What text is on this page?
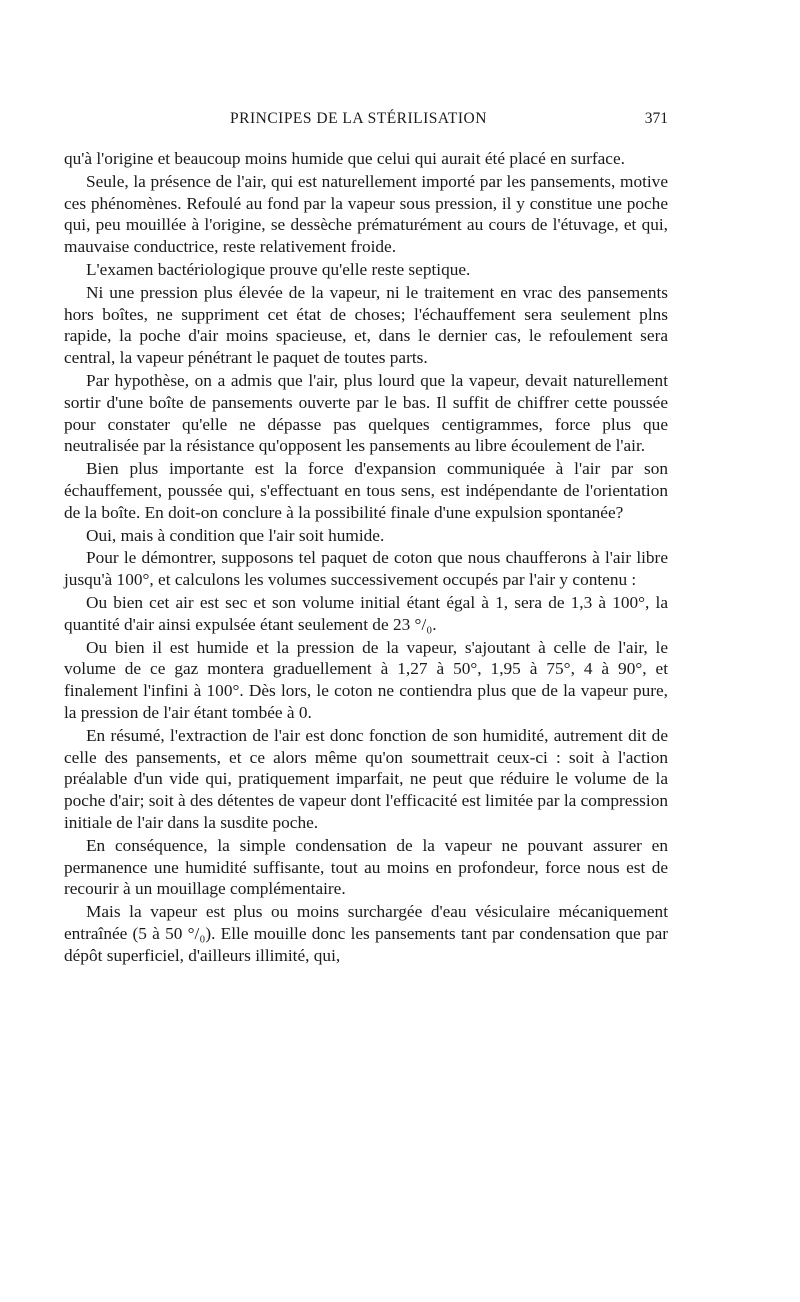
PRINCIPES DE LA STÉRILISATION	371

qu'à l'origine et beaucoup moins humide que celui qui aurait été placé en surface.

Seule, la présence de l'air, qui est naturellement importé par les pansements, motive ces phénomènes. Refoulé au fond par la vapeur sous pression, il y constitue une poche qui, peu mouillée à l'origine, se dessèche prématurément au cours de l'étuvage, et qui, mauvaise conductrice, reste relativement froide.

L'examen bactériologique prouve qu'elle reste septique.

Ni une pression plus élevée de la vapeur, ni le traitement en vrac des pansements hors boîtes, ne suppriment cet état de choses; l'échauffement sera seulement plns rapide, la poche d'air moins spacieuse, et, dans le dernier cas, le refoulement sera central, la vapeur pénétrant le paquet de toutes parts.

Par hypothèse, on a admis que l'air, plus lourd que la vapeur, devait naturellement sortir d'une boîte de pansements ouverte par le bas. Il suffit de chiffrer cette poussée pour constater qu'elle ne dépasse pas quelques centigrammes, force plus que neutralisée par la résistance qu'opposent les pansements au libre écoulement de l'air.

Bien plus importante est la force d'expansion communiquée à l'air par son échauffement, poussée qui, s'effectuant en tous sens, est indépendante de l'orientation de la boîte. En doit-on conclure à la possibilité finale d'une expulsion spontanée?

Oui, mais à condition que l'air soit humide.

Pour le démontrer, supposons tel paquet de coton que nous chaufferons à l'air libre jusqu'à 100°, et calculons les volumes successivement occupés par l'air y contenu :

Ou bien cet air est sec et son volume initial étant égal à 1, sera de 1,3 à 100°, la quantité d'air ainsi expulsée étant seulement de 23 °/₀.

Ou bien il est humide et la pression de la vapeur, s'ajoutant à celle de l'air, le volume de ce gaz montera graduellement à 1,27 à 50°, 1,95 à 75°, 4 à 90°, et finalement l'infini à 100°. Dès lors, le coton ne contiendra plus que de la vapeur pure, la pression de l'air étant tombée à 0.

En résumé, l'extraction de l'air est donc fonction de son humidité, autrement dit de celle des pansements, et ce alors même qu'on soumettrait ceux-ci : soit à l'action préalable d'un vide qui, pratiquement imparfait, ne peut que réduire le volume de la poche d'air; soit à des détentes de vapeur dont l'efficacité est limitée par la compression initiale de l'air dans la susdite poche.

En conséquence, la simple condensation de la vapeur ne pouvant assurer en permanence une humidité suffisante, tout au moins en profondeur, force nous est de recourir à un mouillage complémentaire.

Mais la vapeur est plus ou moins surchargée d'eau vésiculaire mécaniquement entraînée (5 à 50 °/₀). Elle mouille donc les pansements tant par condensation que par dépôt superficiel, d'ailleurs illimité, qui,
